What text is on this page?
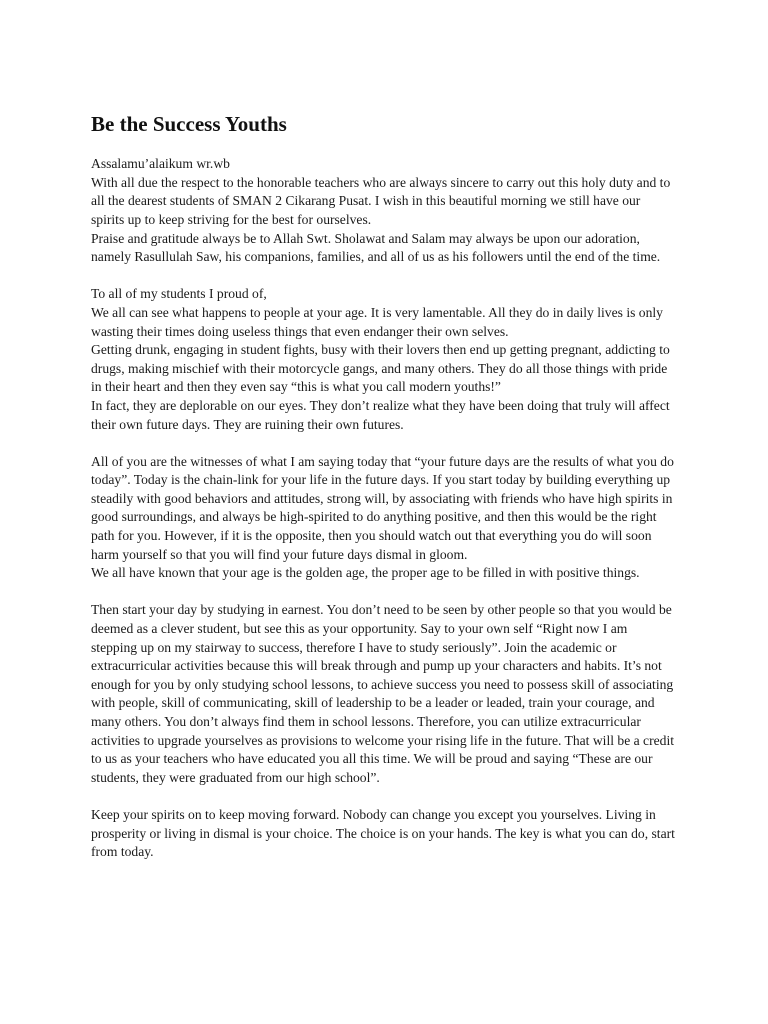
Be the Success Youths

Assalamu’alaikum wr.wb

With all due the respect to the honorable teachers who are always sincere to carry out this holy duty and to all the dearest students of SMAN 2 Cikarang Pusat. I wish in this beautiful morning we still have our spirits up to keep striving for the best for ourselves.

Praise and gratitude always be to Allah Swt. Sholawat and Salam may always be upon our adoration, namely Rasullulah Saw, his companions, families, and all of us as his followers until the end of the time.

To all of my students I proud of,

We all can see what happens to people at your age. It is very lamentable. All they do in daily lives is only wasting their times doing useless things that even endanger their own selves.

Getting drunk, engaging in student fights, busy with their lovers then end up getting pregnant, addicting to drugs, making mischief with their motorcycle gangs, and many others. They do all those things with pride in their heart and then they even say “this is what you call modern youths!”

In fact, they are deplorable on our eyes. They don’t realize what they have been doing that truly will affect their own future days. They are ruining their own futures.

All of you are the witnesses of what I am saying today that “your future days are the results of what you do today”. Today is the chain-link for your life in the future days. If you start today by building everything up steadily with good behaviors and attitudes, strong will, by associating with friends who have high spirits in good surroundings, and always be high-spirited to do anything positive, and then this would be the right path for you. However, if it is the opposite, then you should watch out that everything you do will soon harm yourself so that you will find your future days dismal in gloom.

We all have known that your age is the golden age, the proper age to be filled in with positive things.

Then start your day by studying in earnest. You don’t need to be seen by other people so that you would be deemed as a clever student, but see this as your opportunity. Say to your own self “Right now I am stepping up on my stairway to success, therefore I have to study seriously”. Join the academic or extracurricular activities because this will break through and pump up your characters and habits. It’s not enough for you by only studying school lessons, to achieve success you need to possess skill of associating with people, skill of communicating, skill of leadership to be a leader or leaded, train your courage, and many others. You don’t always find them in school lessons. Therefore, you can utilize extracurricular activities to upgrade yourselves as provisions to welcome your rising life in the future. That will be a credit to us as your teachers who have educated you all this time. We will be proud and saying “These are our students, they were graduated from our high school”.

Keep your spirits on to keep moving forward. Nobody can change you except you yourselves. Living in prosperity or living in dismal is your choice. The choice is on your hands. The key is what you can do, start from today.
